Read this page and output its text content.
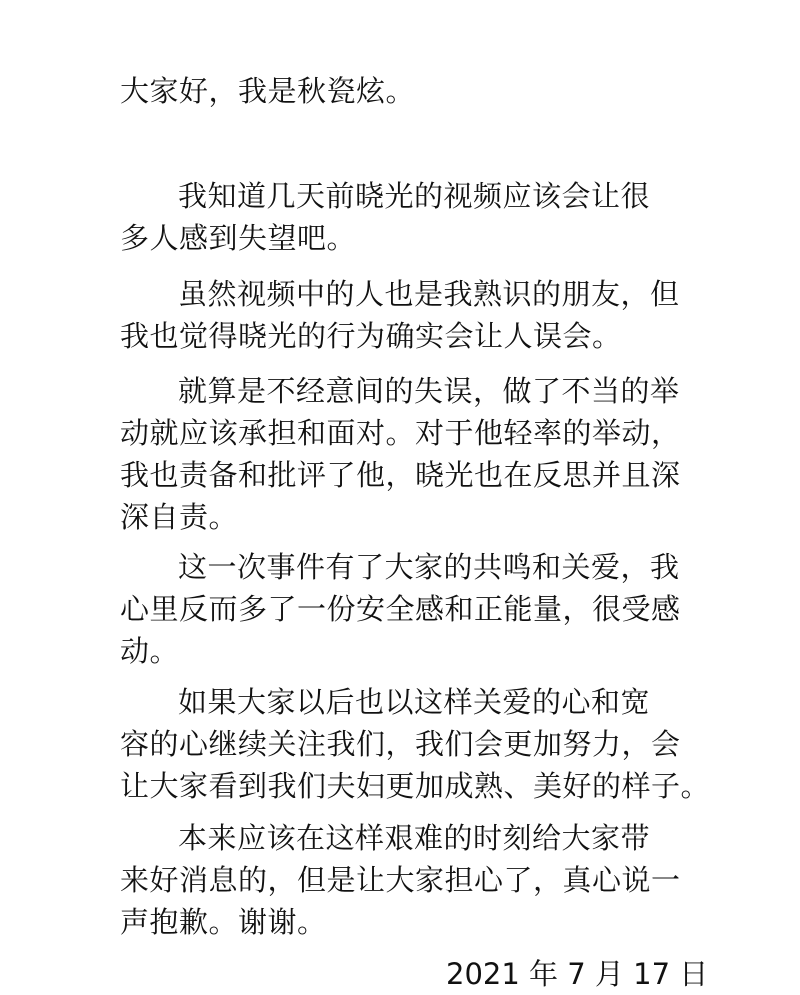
大家好，我是秋瓷炫。

我知道几天前晓光的视频应该会让很
多人感到失望吧。

虽然视频中的人也是我熟识的朋友，但
我也觉得晓光的行为确实会让人误会。

就算是不经意间的失误，做了不当的举
动就应该承担和面对。对于他轻率的举动，
我也责备和批评了他，晓光也在反思并且深
深自责。

这一次事件有了大家的共鸣和关爱，我
心里反而多了一份安全感和正能量，很受感
动。

如果大家以后也以这样关爱的心和宽
容的心继续关注我们，我们会更加努力，会
让大家看到我们夫妇更加成熟、美好的样子。

本来应该在这样艰难的时刻给大家带
来好消息的，但是让大家担心了，真心说一
声抱歉。谢谢。

2021 年 7 月 17 日
